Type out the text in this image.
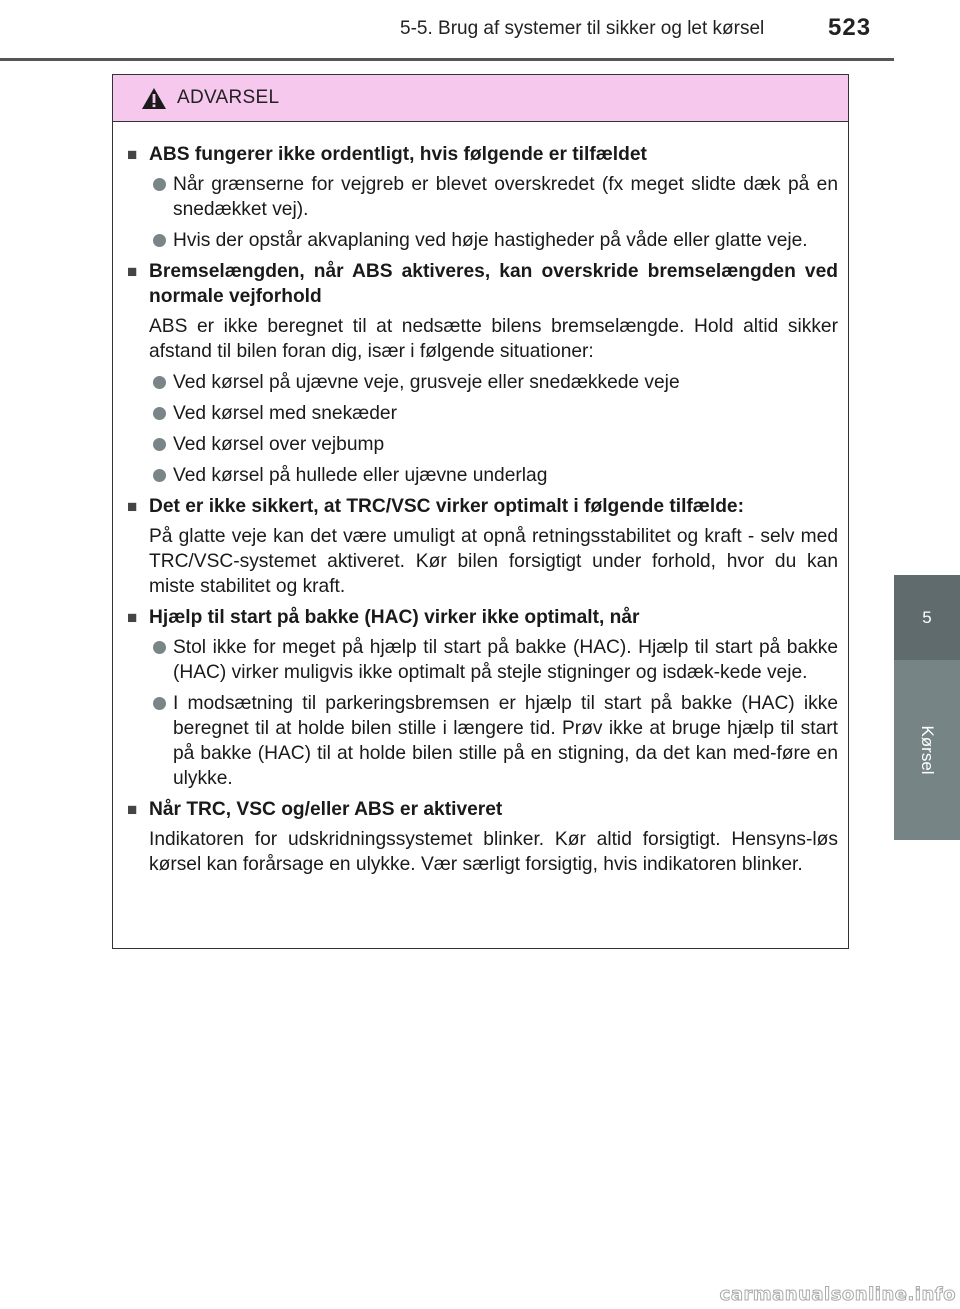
5-5. Brug af systemer til sikker og let kørsel	523
5
Kørsel
ADVARSEL
■ ABS fungerer ikke ordentligt, hvis følgende er tilfældet
Når grænserne for vejgreb er blevet overskredet (fx meget slidte dæk på en snedækket vej).
Hvis der opstår akvaplaning ved høje hastigheder på våde eller glatte veje.
■ Bremselængden, når ABS aktiveres, kan overskride bremselængden ved normale vejforhold
ABS er ikke beregnet til at nedsætte bilens bremselængde. Hold altid sikker afstand til bilen foran dig, især i følgende situationer:
Ved kørsel på ujævne veje, grusveje eller snedækkede veje
Ved kørsel med snekæder
Ved kørsel over vejbump
Ved kørsel på hullede eller ujævne underlag
■ Det er ikke sikkert, at TRC/VSC virker optimalt i følgende tilfælde:
På glatte veje kan det være umuligt at opnå retningsstabilitet og kraft - selv med TRC/VSC-systemet aktiveret. Kør bilen forsigtigt under forhold, hvor du kan miste stabilitet og kraft.
■ Hjælp til start på bakke (HAC) virker ikke optimalt, når
Stol ikke for meget på hjælp til start på bakke (HAC). Hjælp til start på bakke (HAC) virker muligvis ikke optimalt på stejle stigninger og isdæk-kede veje.
I modsætning til parkeringsbremsen er hjælp til start på bakke (HAC) ikke beregnet til at holde bilen stille i længere tid. Prøv ikke at bruge hjælp til start på bakke (HAC) til at holde bilen stille på en stigning, da det kan med-føre en ulykke.
■ Når TRC, VSC og/eller ABS er aktiveret
Indikatoren for udskridningssystemet blinker. Kør altid forsigtigt. Hensyns-løs kørsel kan forårsage en ulykke. Vær særligt forsigtig, hvis indikatoren blinker.
carmanualsonline.info
